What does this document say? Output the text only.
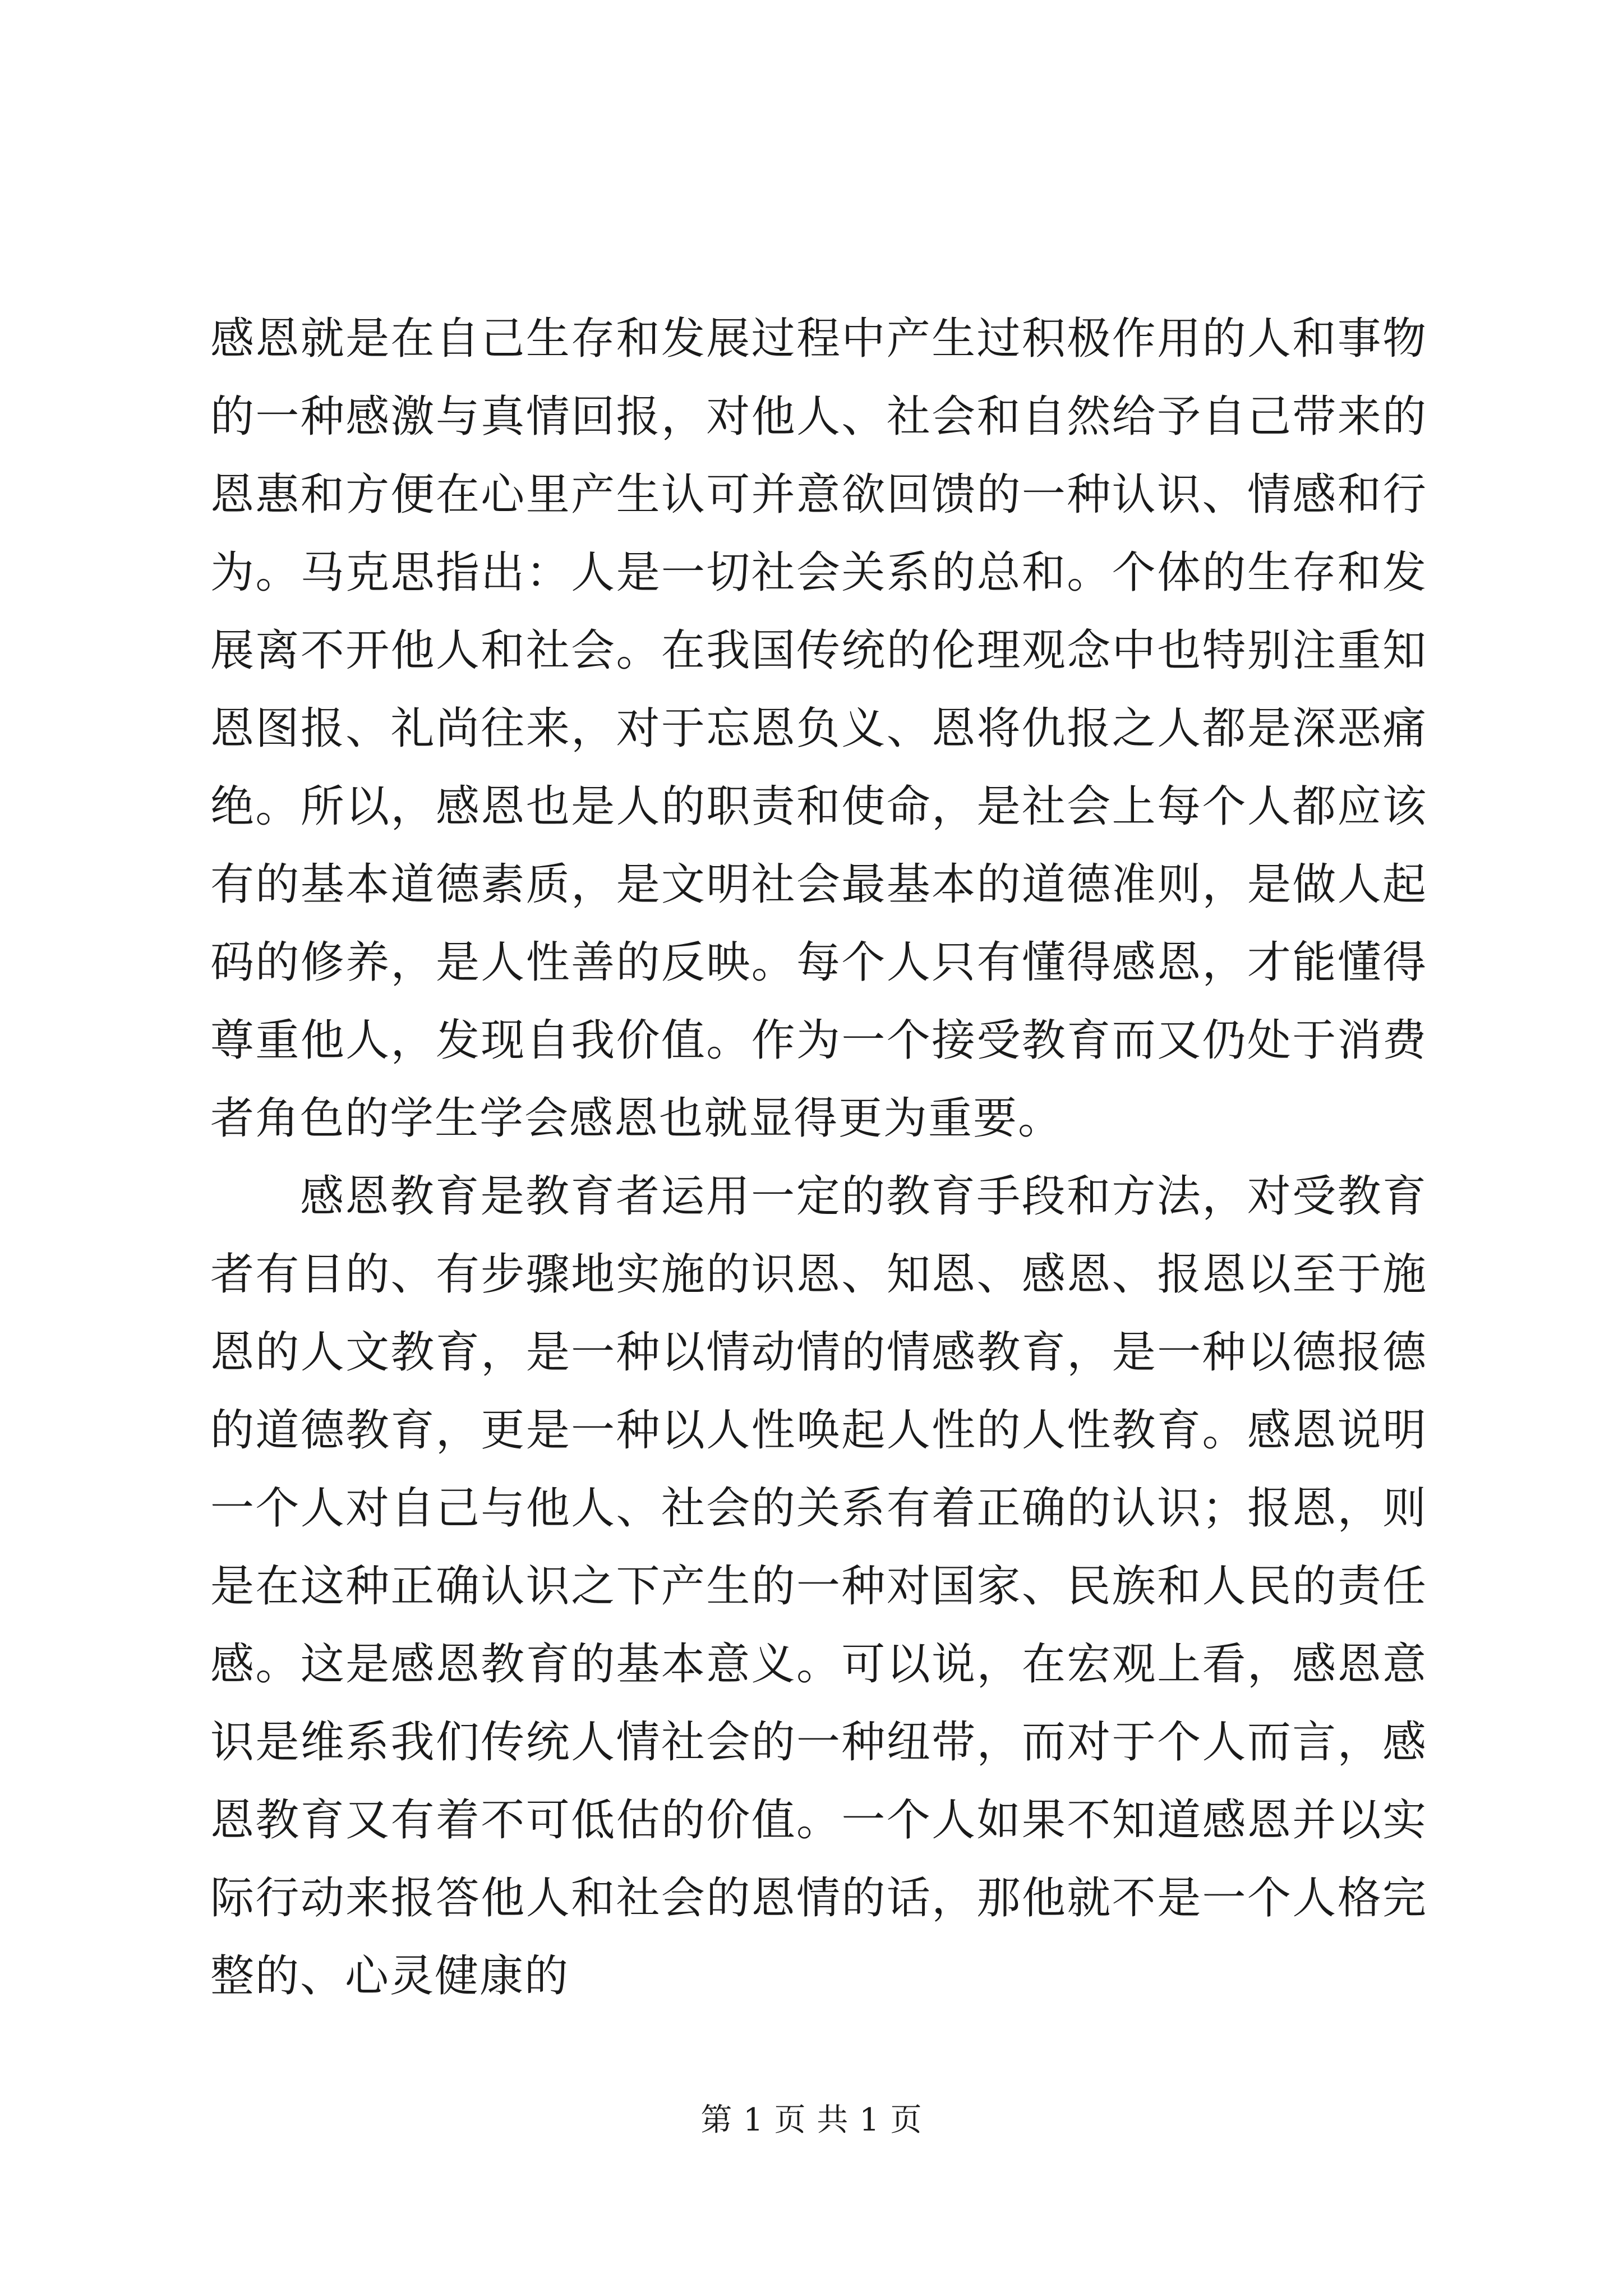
感恩就是在自己生存和发展过程中产生过积极作用的人和事物的一种感激与真情回报，对他人、社会和自然给予自己带来的恩惠和方便在心里产生认可并意欲回馈的一种认识、情感和行为。马克思指出：人是一切社会关系的总和。个体的生存和发展离不开他人和社会。在我国传统的伦理观念中也特别注重知恩图报、礼尚往来，对于忘恩负义、恩将仇报之人都是深恶痛绝。所以，感恩也是人的职责和使命，是社会上每个人都应该有的基本道德素质，是文明社会最基本的道德准则，是做人起码的修养，是人性善的反映。每个人只有懂得感恩，才能懂得尊重他人，发现自我价值。作为一个接受教育而又仍处于消费者角色的学生学会感恩也就显得更为重要。

感恩教育是教育者运用一定的教育手段和方法，对受教育者有目的、有步骤地实施的识恩、知恩、感恩、报恩以至于施恩的人文教育，是一种以情动情的情感教育，是一种以德报德的道德教育，更是一种以人性唤起人性的人性教育。感恩说明一个人对自己与他人、社会的关系有着正确的认识；报恩，则是在这种正确认识之下产生的一种对国家、民族和人民的责任感。这是感恩教育的基本意义。可以说，在宏观上看，感恩意识是维系我们传统人情社会的一种纽带，而对于个人而言，感恩教育又有着不可低估的价值。一个人如果不知道感恩并以实际行动来报答他人和社会的恩情的话，那他就不是一个人格完整的、心灵健康的

第 1 页 共 1 页
